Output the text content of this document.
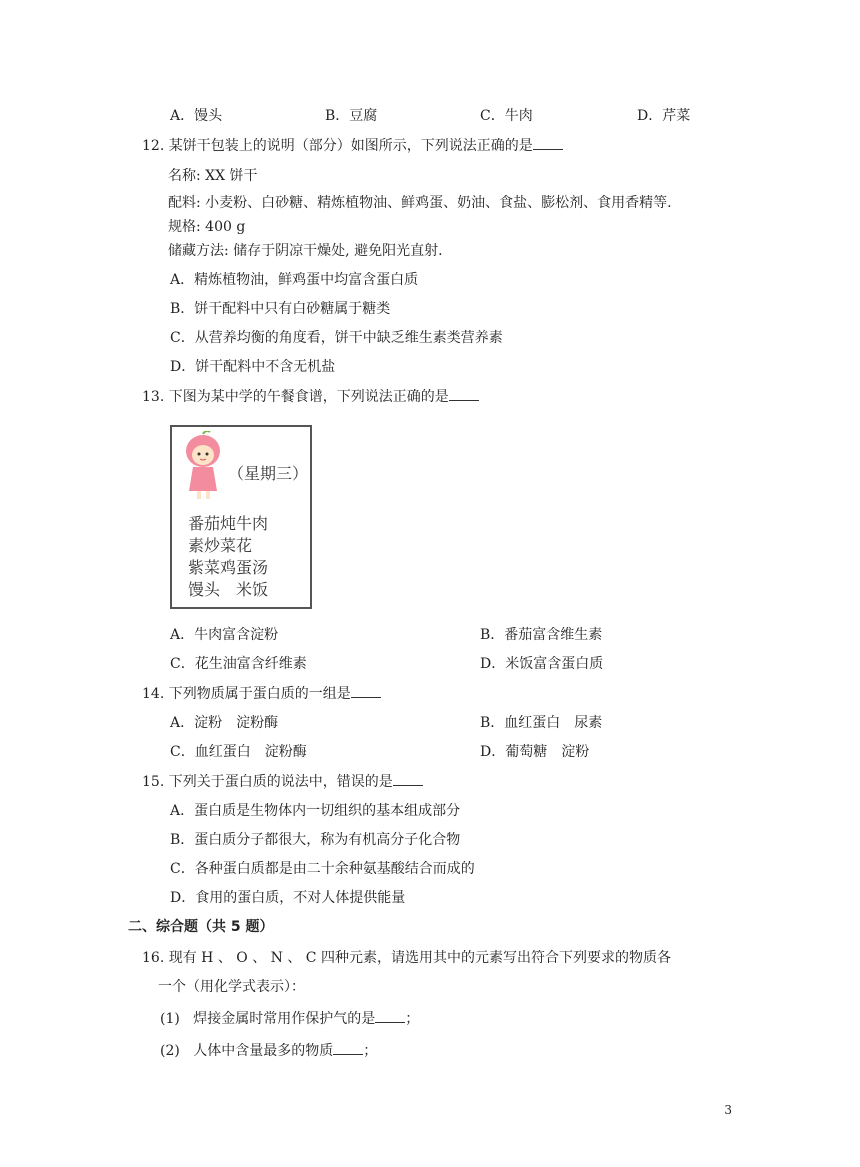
A．馒头	B．豆腐	C．牛肉	D．芹菜
12. 某饼干包装上的说明（部分）如图所示，下列说法正确的是
名称: XX 饼干
配料: 小麦粉、白砂糖、精炼植物油、鲜鸡蛋、奶油、食盐、膨松剂、食用香精等.
规格: 400 g
储藏方法: 储存于阴凉干燥处, 避免阳光直射.
A．精炼植物油，鲜鸡蛋中均富含蛋白质
B．饼干配料中只有白砂糖属于糖类
C．从营养均衡的角度看，饼干中缺乏维生素类营养素
D．饼干配料中不含无机盐
13. 下图为某中学的午餐食谱，下列说法正确的是
（星期三）
番茄炖牛肉
素炒菜花
紫菜鸡蛋汤
馒头　米饭
A．牛肉富含淀粉	B．番茄富含维生素
C．花生油富含纤维素	D．米饭富含蛋白质
14. 下列物质属于蛋白质的一组是
A．淀粉　淀粉酶	B．血红蛋白　尿素
C．血红蛋白　淀粉酶	D．葡萄糖　淀粉
15. 下列关于蛋白质的说法中，错误的是
A．蛋白质是生物体内一切组织的基本组成部分
B．蛋白质分子都很大，称为有机高分子化合物
C．各种蛋白质都是由二十余种氨基酸结合而成的
D．食用的蛋白质，不对人体提供能量
二、综合题（共 5 题）
16. 现有 H 、 O 、 N 、 C 四种元素，请选用其中的元素写出符合下列要求的物质各
一个（用化学式表示）：
(1) 焊接金属时常用作保护气的是 ；
(2) 人体中含量最多的物质 ；
3
